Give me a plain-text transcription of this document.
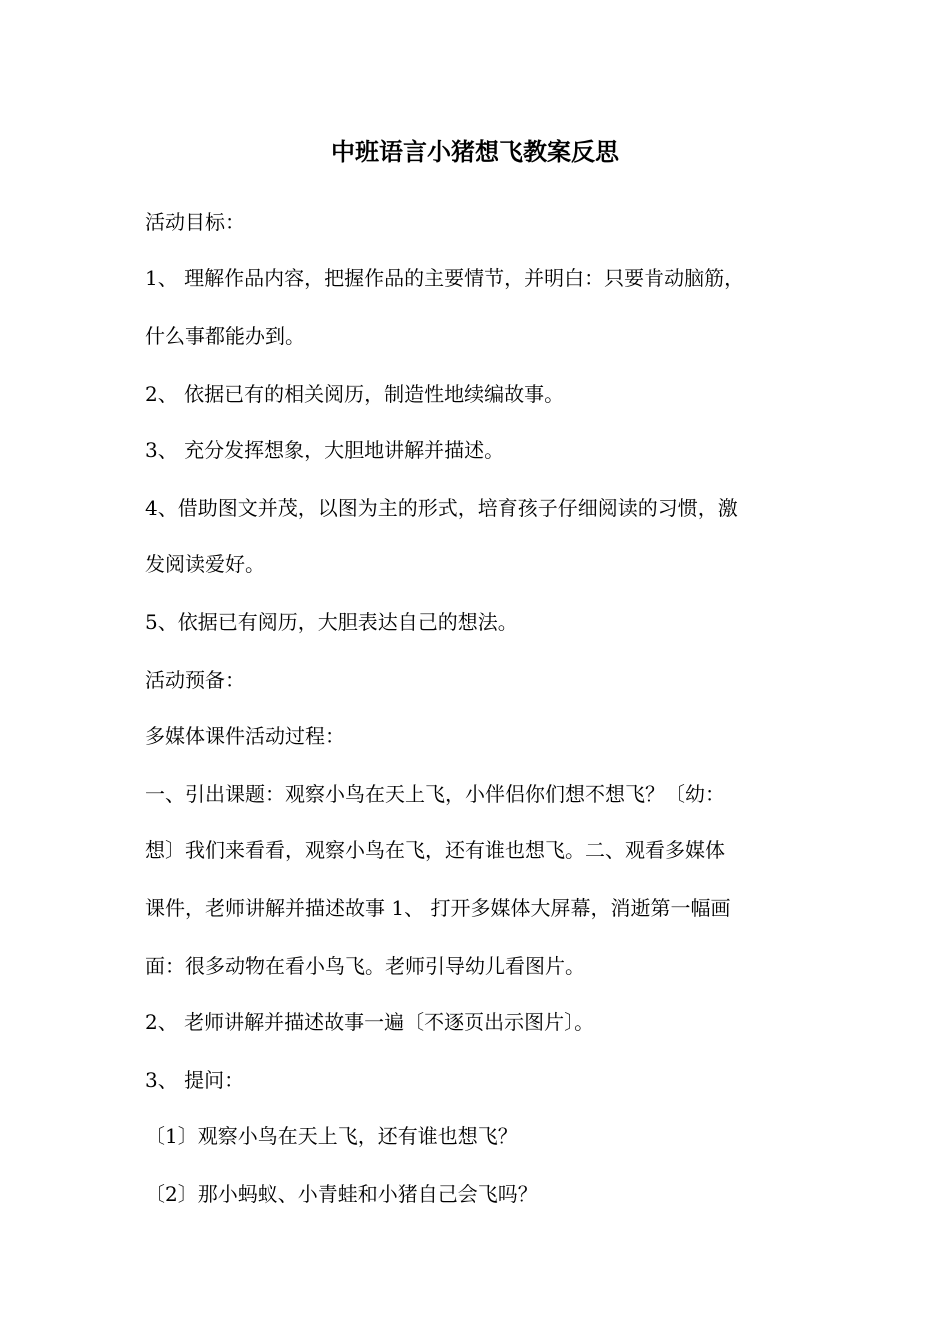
中班语言小猪想飞教案反思

活动目标：

1、 理解作品内容，把握作品的主要情节，并明白：只要肯动脑筋，

什么事都能办到。

2、 依据已有的相关阅历，制造性地续编故事。

3、 充分发挥想象，大胆地讲解并描述。

4、借助图文并茂，以图为主的形式，培育孩子仔细阅读的习惯，激

发阅读爱好。

5、依据已有阅历，大胆表达自己的想法。

活动预备：

多媒体课件活动过程：

一、引出课题：观察小鸟在天上飞，小伴侣你们想不想飞？〔幼：

想〕我们来看看，观察小鸟在飞，还有谁也想飞。二、观看多媒体

课件，老师讲解并描述故事 1、 打开多媒体大屏幕，消逝第一幅画

面：很多动物在看小鸟飞。老师引导幼儿看图片。

2、 老师讲解并描述故事一遍〔不逐页出示图片〕。

3、 提问：

〔1〕观察小鸟在天上飞，还有谁也想飞？

〔2〕那小蚂蚁、小青蛙和小猪自己会飞吗？
